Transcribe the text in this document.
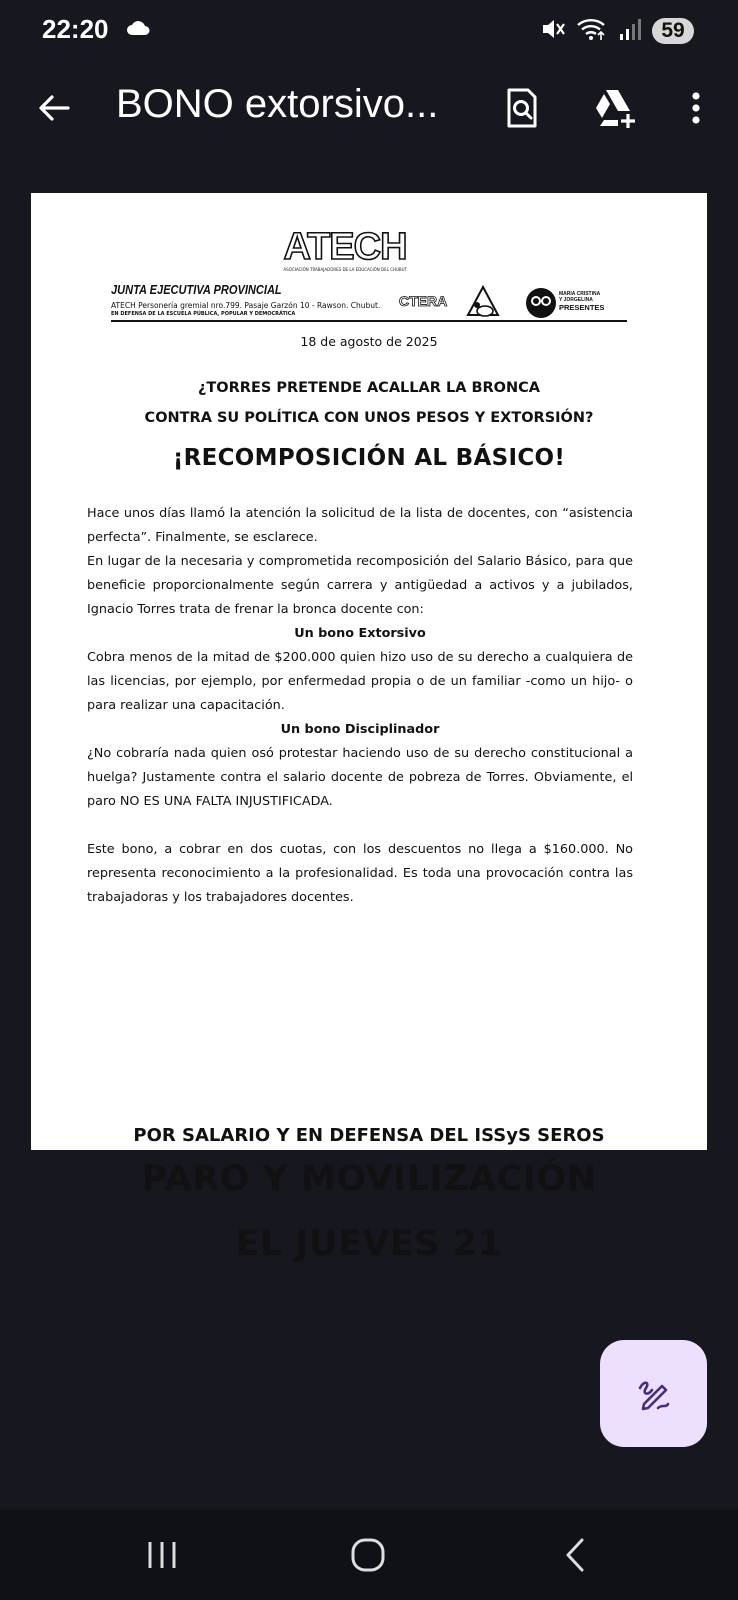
22:20	59
BONO extorsivo...
ATECH
ASOCIACIÓN TRABAJADORES DE LA EDUCACIÓN DEL CHUBUT
JUNTA EJECUTIVA PROVINCIAL
ATECH Personería gremial nro.799. Pasaje Garzón 10 - Rawson. Chubut.
EN DEFENSA DE LA ESCUELA PÚBLICA, POPULAR Y DEMOCRÁTICA
CTERA	MARIA CRISTINA
Y JORGELINA
PRESENTES
18 de agosto de 2025
¿TORRES PRETENDE ACALLAR LA BRONCA
CONTRA SU POLÍTICA CON UNOS PESOS Y EXTORSIÓN?
¡RECOMPOSICIÓN AL BÁSICO!

Hace unos días llamó la atención la solicitud de la lista de docentes, con “asistencia perfecta”. Finalmente, se esclarece.

En lugar de la necesaria y comprometida recomposición del Salario Básico, para que beneficie proporcionalmente según carrera y antigüedad a activos y a jubilados, Ignacio Torres trata de frenar la bronca docente con:

Un bono Extorsivo

Cobra menos de la mitad de $200.000 quien hizo uso de su derecho a cualquiera de las licencias, por ejemplo, por enfermedad propia o de un familiar -como un hijo- o para realizar una capacitación.

Un bono Disciplinador

¿No cobraría nada quien osó protestar haciendo uso de su derecho constitucional a huelga? Justamente contra el salario docente de pobreza de Torres. Obviamente, el paro NO ES UNA FALTA INJUSTIFICADA.

Este bono, a cobrar en dos cuotas, con los descuentos no llega a $160.000. No representa reconocimiento a la profesionalidad. Es toda una provocación contra las trabajadoras y los trabajadores docentes.

POR SALARIO Y EN DEFENSA DEL ISSyS SEROS
PARO Y MOVILIZACIÓN
EL JUEVES 21
